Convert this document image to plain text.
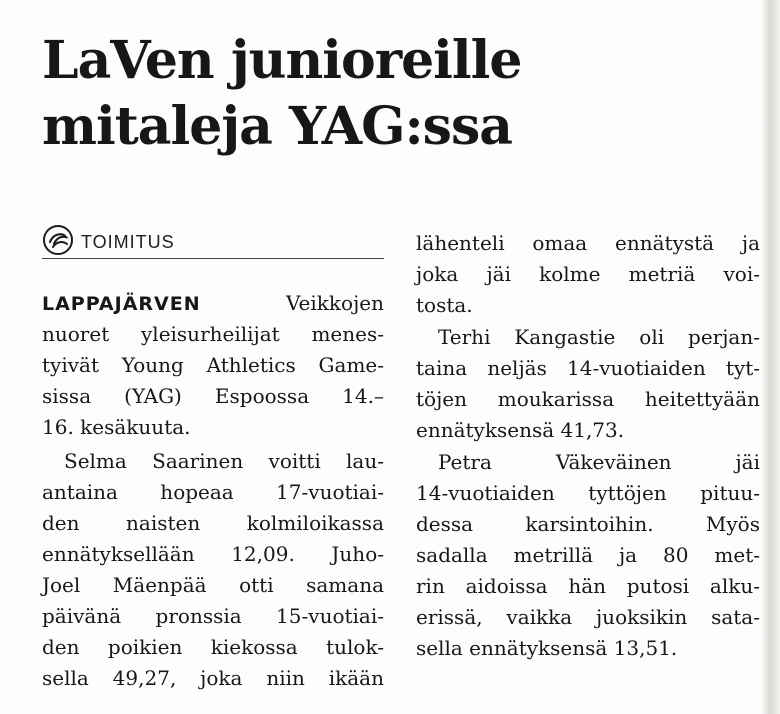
LaVen junioreille
mitaleja YAG:ssa
TOIMITUS
LAPPAJÄRVEN	Veikkojen
nuoret yleisurheilijat menes-
tyivät Young Athletics Game-
sissa (YAG) Espoossa 14.–
16. kesäkuuta.
Selma Saarinen voitti lau-
antaina hopeaa 17-vuotiai-
den naisten kolmiloikassa
ennätyksellään 12,09. Juho-
Joel Mäenpää otti samana
päivänä pronssia 15-vuotiai-
den poikien kiekossa tulok-
sella 49,27, joka niin ikään
lähenteli omaa ennätystä ja
joka jäi kolme metriä voi-
tosta.
Terhi Kangastie oli perjan-
taina neljäs 14-vuotiaiden tyt-
töjen moukarissa heitettyään
ennätyksensä 41,73.
Petra Väkeväinen jäi
14-vuotiaiden tyttöjen pituu-
dessa karsintoihin. Myös
sadalla metrillä ja 80 met-
rin aidoissa hän putosi alku-
erissä, vaikka juoksikin sata-
sella ennätyksensä 13,51.
